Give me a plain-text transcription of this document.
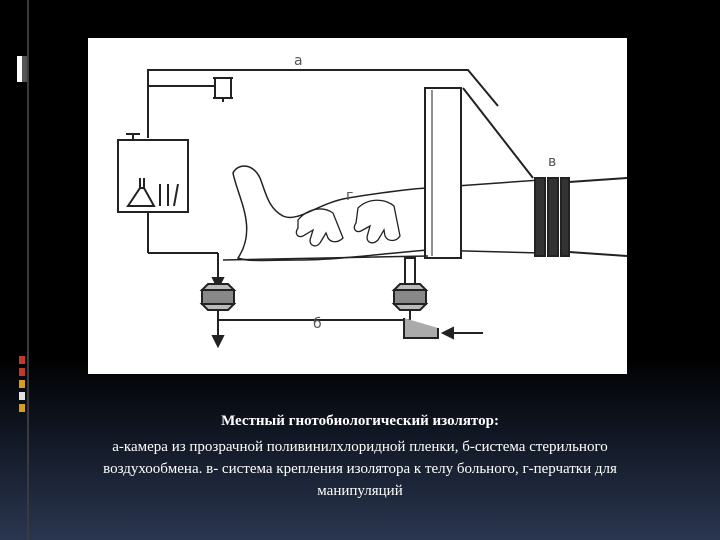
а
б
в
г
Местный гнотобиологический изолятор:
а-камера из прозрачной поливинилхлоридной пленки, б-система стерильного воздухообмена. в- система крепления изолятора к телу больного, г-перчатки для манипуляций
